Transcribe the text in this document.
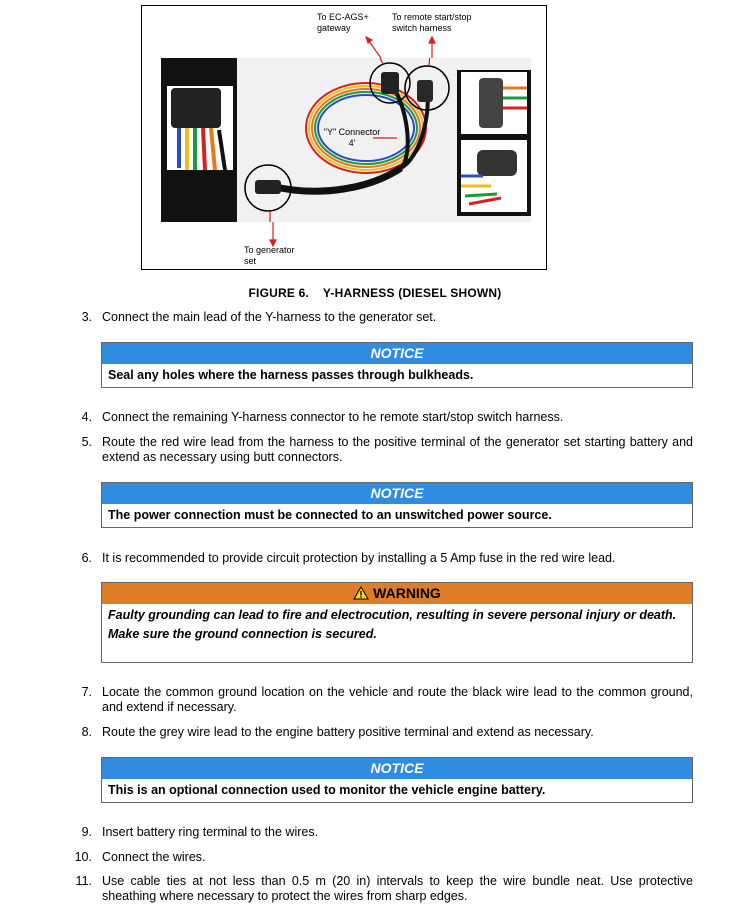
To EC-AGS+
gateway
To remote start/stop
switch harness
"Y" Connector
4'
To generator
set
FIGURE 6.    Y-HARNESS (DIESEL SHOWN)
3. Connect the main lead of the Y-harness to the generator set.
NOTICE
Seal any holes where the harness passes through bulkheads.
4. Connect the remaining Y-harness connector to he remote start/stop switch harness.
5. Route the red wire lead from the harness to the positive terminal of the generator set starting battery and extend as necessary using butt connectors.
NOTICE
The power connection must be connected to an unswitched power source.
6. It is recommended to provide circuit protection by installing a 5 Amp fuse in the red wire lead.
WARNING
Faulty grounding can lead to fire and electrocution, resulting in severe personal injury or death.
Make sure the ground connection is secured.
7. Locate the common ground location on the vehicle and route the black wire lead to the common ground, and extend if necessary.
8. Route the grey wire lead to the engine battery positive terminal and extend as necessary.
NOTICE
This is an optional connection used to monitor the vehicle engine battery.
9. Insert battery ring terminal to the wires.
10. Connect the wires.
11. Use cable ties at not less than 0.5 m (20 in) intervals to keep the wire bundle neat. Use protective sheathing where necessary to protect the wires from sharp edges.
